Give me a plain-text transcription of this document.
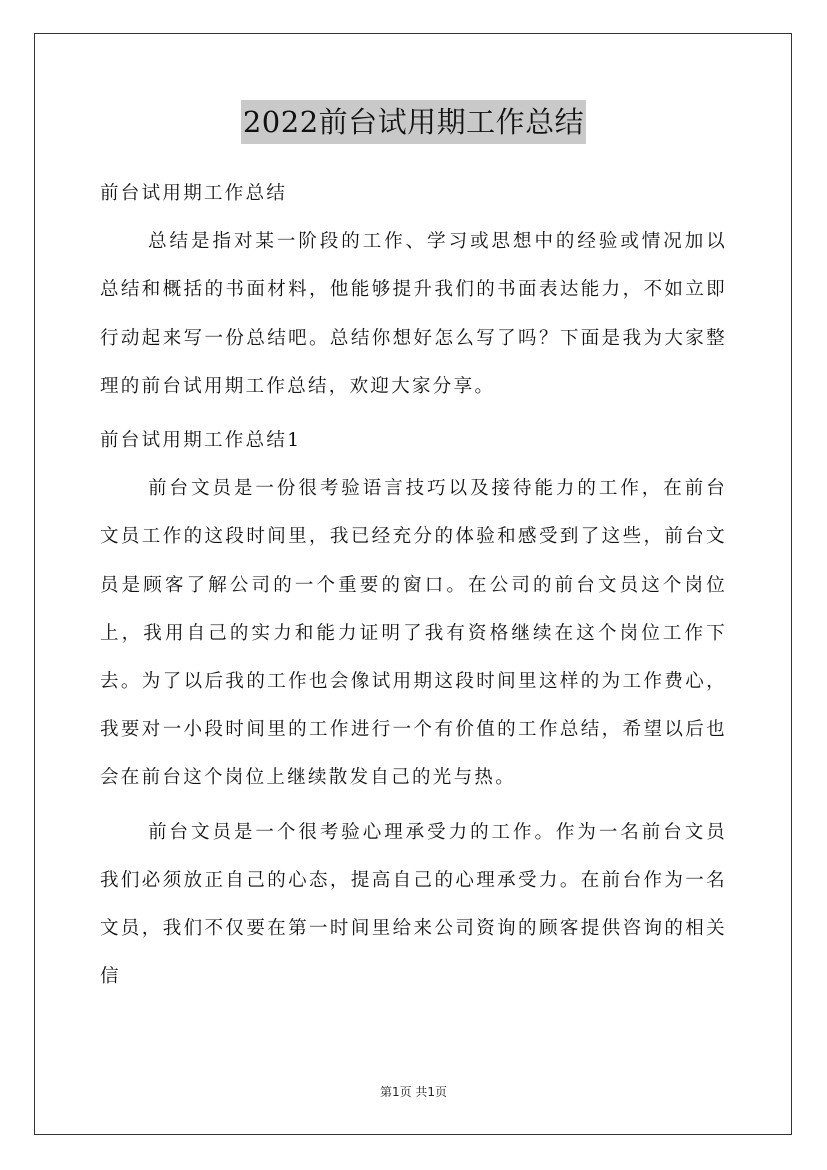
2022前台试用期工作总结

前台试用期工作总结

总结是指对某一阶段的工作、学习或思想中的经验或情况加以总结和概括的书面材料，他能够提升我们的书面表达能力，不如立即行动起来写一份总结吧。总结你想好怎么写了吗？下面是我为大家整理的前台试用期工作总结，欢迎大家分享。

前台试用期工作总结1

前台文员是一份很考验语言技巧以及接待能力的工作，在前台文员工作的这段时间里，我已经充分的体验和感受到了这些，前台文员是顾客了解公司的一个重要的窗口。在公司的前台文员这个岗位上，我用自己的实力和能力证明了我有资格继续在这个岗位工作下去。为了以后我的工作也会像试用期这段时间里这样的为工作费心，我要对一小段时间里的工作进行一个有价值的工作总结，希望以后也会在前台这个岗位上继续散发自己的光与热。

前台文员是一个很考验心理承受力的工作。作为一名前台文员我们必须放正自己的心态，提高自己的心理承受力。在前台作为一名文员，我们不仅要在第一时间里给来公司资询的顾客提供咨询的相关信

第1页 共1页
